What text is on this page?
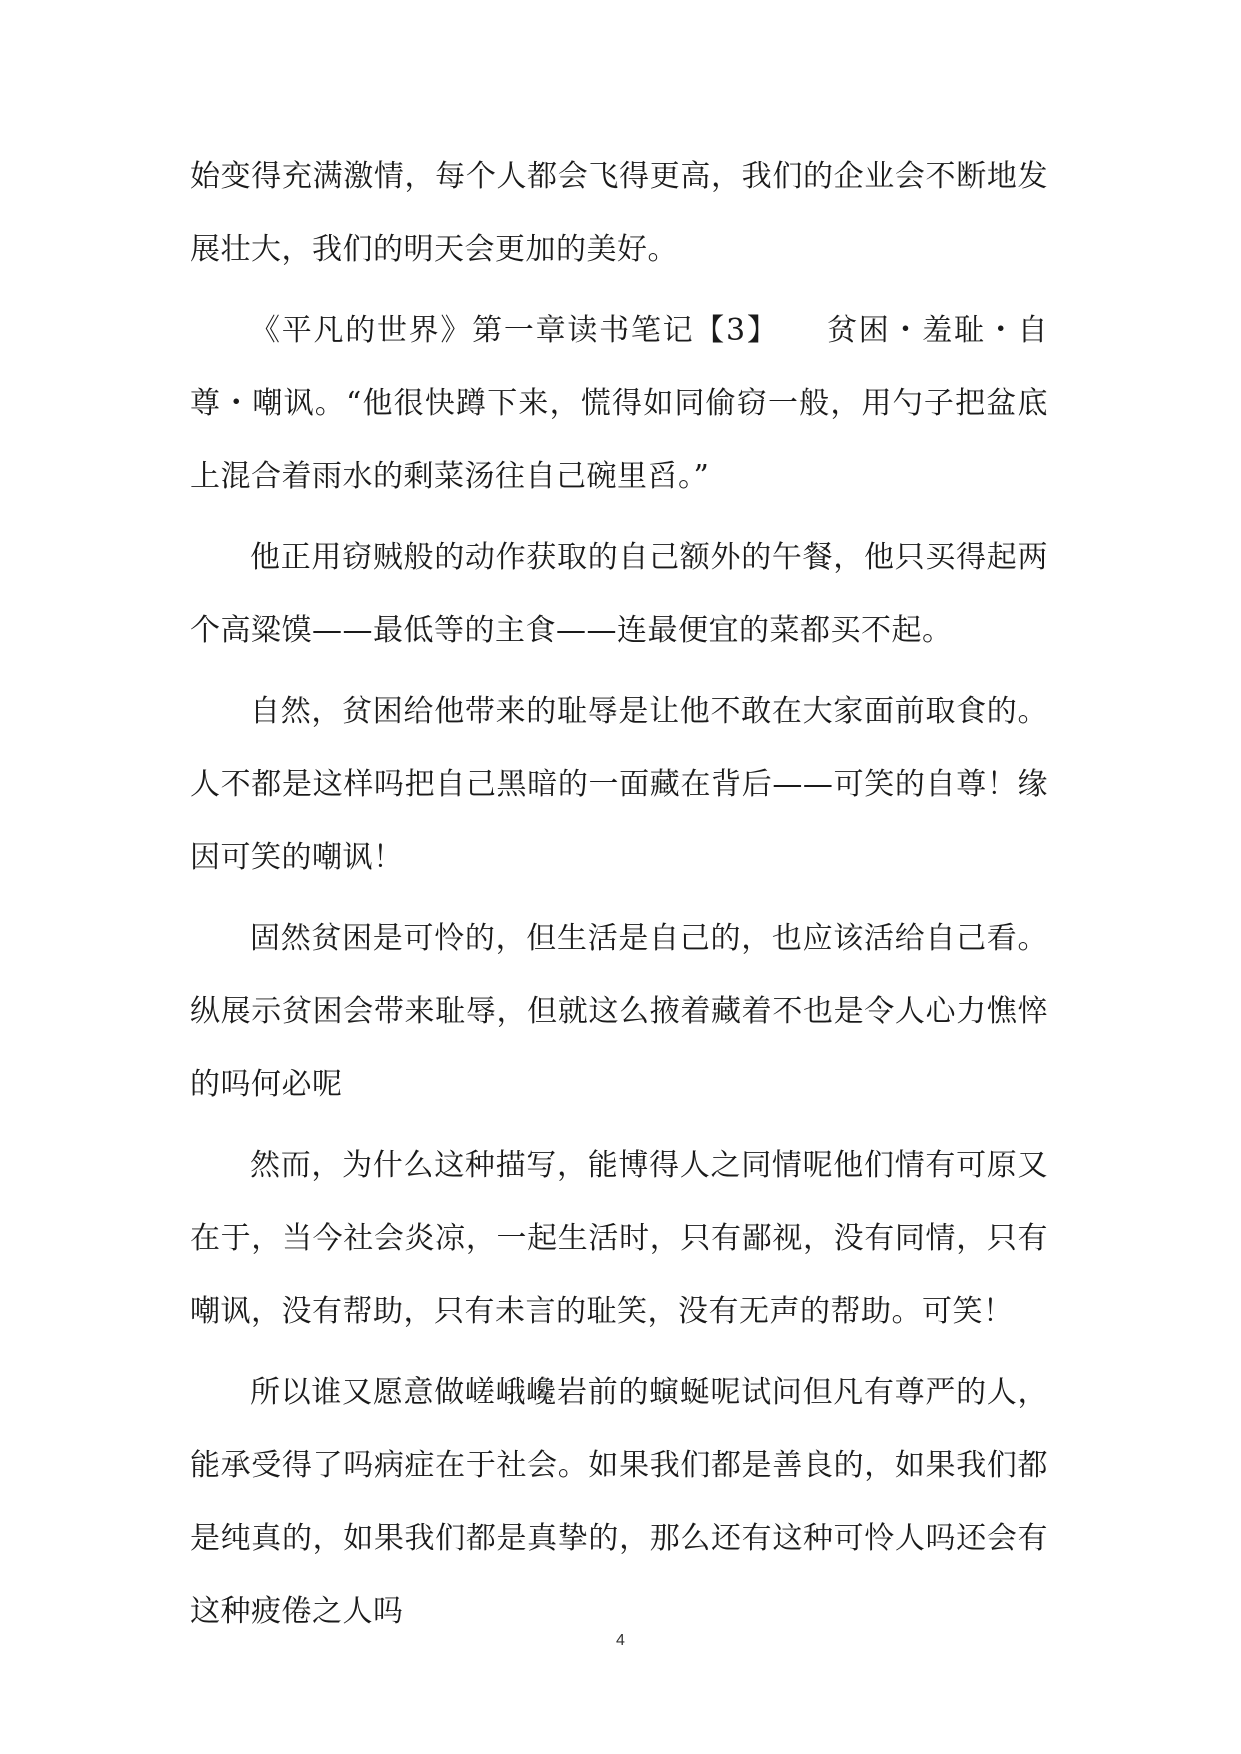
始变得充满激情，每个人都会飞得更高，我们的企业会不断地发展壮大，我们的明天会更加的美好。

《平凡的世界》第一章读书笔记【3】　　贫困・羞耻・自尊・嘲讽。“他很快蹲下来，慌得如同偷窃一般，用勺子把盆底上混合着雨水的剩菜汤往自己碗里舀。”

他正用窃贼般的动作获取的自己额外的午餐，他只买得起两个高粱馍——最低等的主食——连最便宜的菜都买不起。

自然，贫困给他带来的耻辱是让他不敢在大家面前取食的。人不都是这样吗把自己黑暗的一面藏在背后——可笑的自尊！缘因可笑的嘲讽！

固然贫困是可怜的，但生活是自己的，也应该活给自己看。纵展示贫困会带来耻辱，但就这么掖着藏着不也是令人心力憔悴的吗何必呢

然而，为什么这种描写，能博得人之同情呢他们情有可原又在于，当今社会炎凉，一起生活时，只有鄙视，没有同情，只有嘲讽，没有帮助，只有未言的耻笑，没有无声的帮助。可笑！

所以谁又愿意做嵯峨巉岩前的螾蜒呢试问但凡有尊严的人，能承受得了吗病症在于社会。如果我们都是善良的，如果我们都是纯真的，如果我们都是真挚的，那么还有这种可怜人吗还会有这种疲倦之人吗

4
